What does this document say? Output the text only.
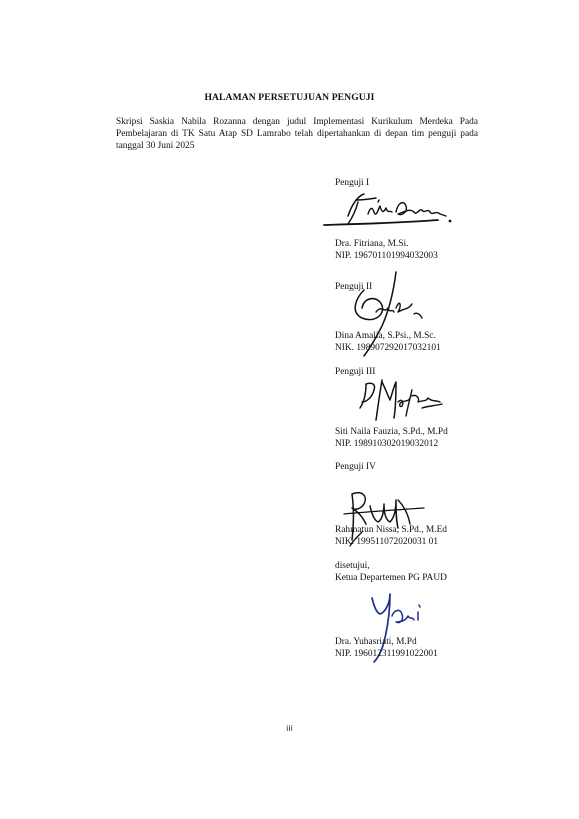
HALAMAN PERSETUJUAN PENGUJI
Skripsi Saskia Nabila Rozanna dengan judul Implementasi Kurikulum Merdeka Pada Pembelajaran di TK Satu Atap SD Lamrabo telah dipertahankan di depan tim penguji pada tanggal 30 Juni 2025
Penguji I
Dra. Fitriana, M.Si.
NIP. 196701101994032003
Penguji II
Dina Amalia, S.Psi., M.Sc.
NIK. 198907292017032101
Penguji III
Siti Naila Fauzia, S.Pd., M.Pd
NIP. 198910302019032012
Penguji IV
Rahmatun Nissa, S.Pd., M.Ed
NIK. 199511072020031 01
disetujui,
Ketua Departemen PG PAUD
Dra. Yuhasriati, M.Pd
NIP. 196012311991022001
iii
